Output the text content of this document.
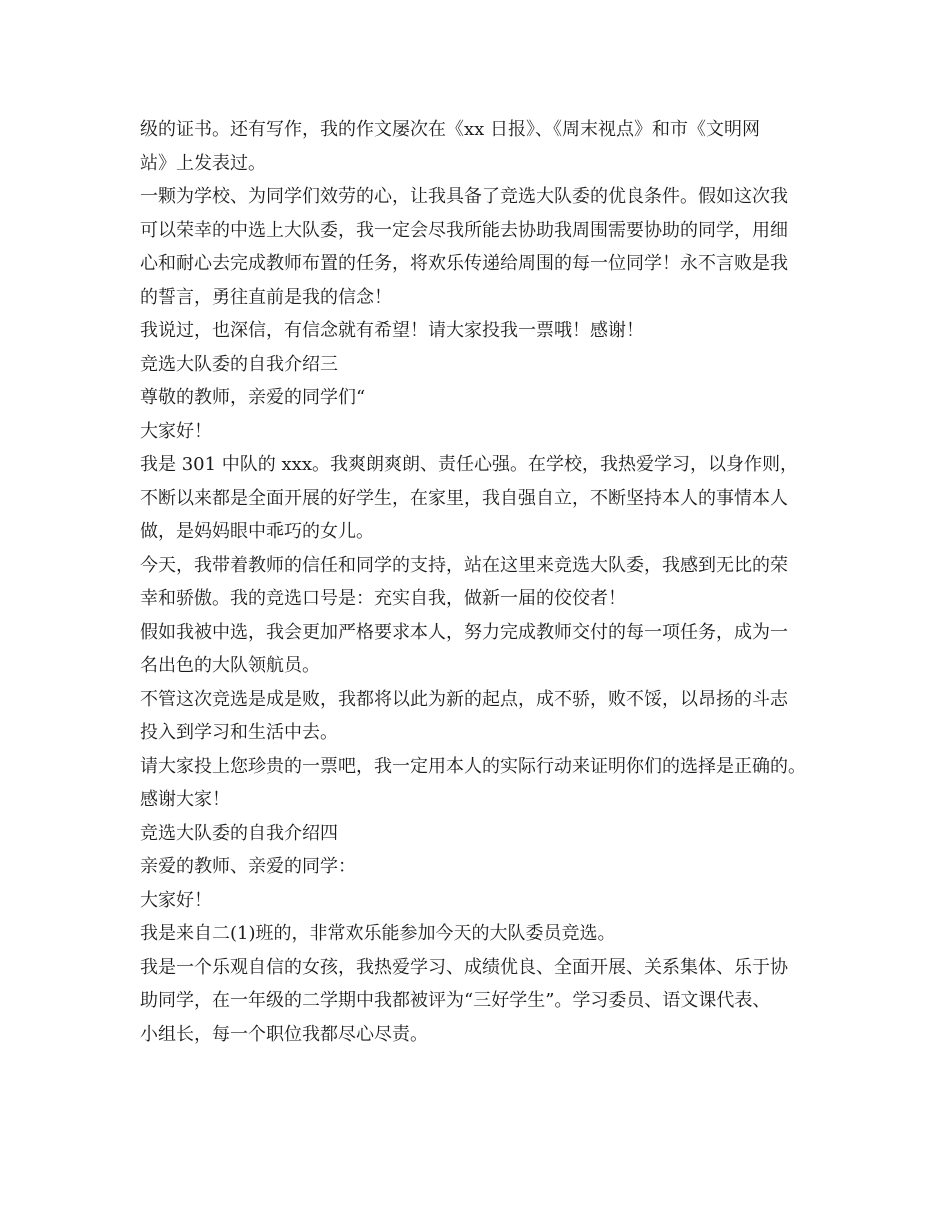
级的证书。还有写作，我的作文屡次在《xx 日报》、《周末视点》和市《文明网
站》上发表过。
一颗为学校、为同学们效劳的心，让我具备了竞选大队委的优良条件。假如这次我
可以荣幸的中选上大队委，我一定会尽我所能去协助我周围需要协助的同学，用细
心和耐心去完成教师布置的任务，将欢乐传递给周围的每一位同学！永不言败是我
的誓言，勇往直前是我的信念！
我说过，也深信，有信念就有希望！请大家投我一票哦！感谢！
竞选大队委的自我介绍三
尊敬的教师，亲爱的同学们“
大家好！
我是 301 中队的 xxx。我爽朗爽朗、责任心强。在学校，我热爱学习，以身作则，
不断以来都是全面开展的好学生，在家里，我自强自立，不断坚持本人的事情本人
做，是妈妈眼中乖巧的女儿。
今天，我带着教师的信任和同学的支持，站在这里来竞选大队委，我感到无比的荣
幸和骄傲。我的竞选口号是：充实自我，做新一届的佼佼者！
假如我被中选，我会更加严格要求本人，努力完成教师交付的每一项任务，成为一
名出色的大队领航员。
不管这次竞选是成是败，我都将以此为新的起点，成不骄，败不馁，以昂扬的斗志
投入到学习和生活中去。
请大家投上您珍贵的一票吧，我一定用本人的实际行动来证明你们的选择是正确的。
感谢大家！
竞选大队委的自我介绍四
亲爱的教师、亲爱的同学：
大家好！
我是来自二(1)班的，非常欢乐能参加今天的大队委员竞选。
我是一个乐观自信的女孩，我热爱学习、成绩优良、全面开展、关系集体、乐于协
助同学，在一年级的二学期中我都被评为“三好学生”。学习委员、语文课代表、
小组长，每一个职位我都尽心尽责。
